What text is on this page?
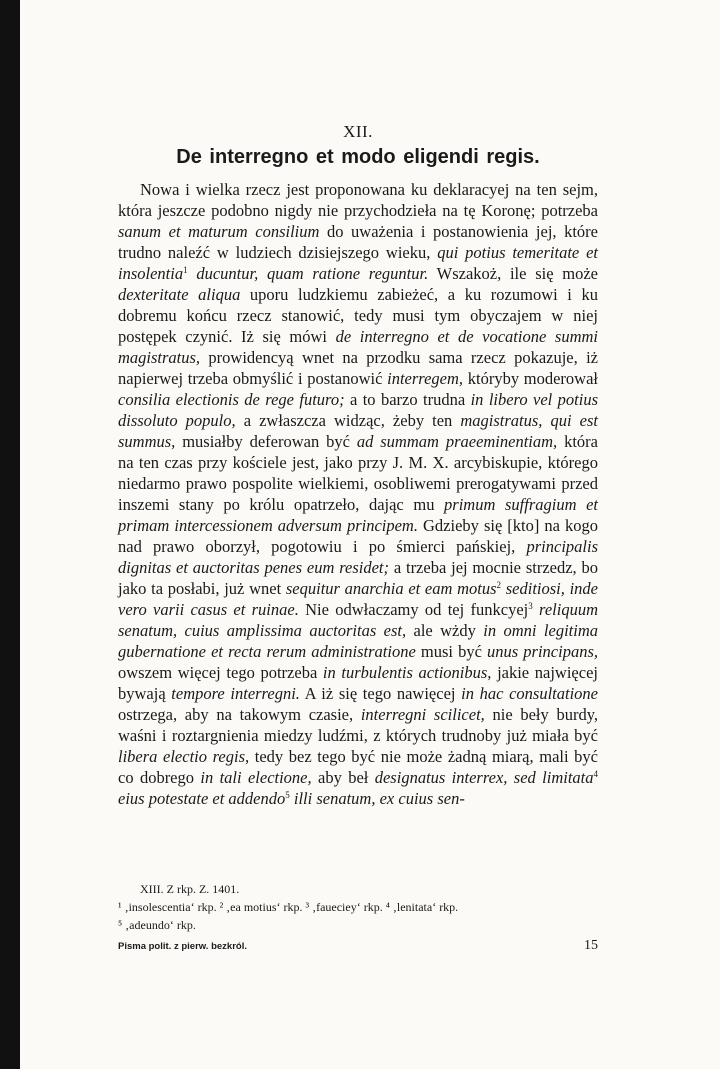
XII.
De interregno et modo eligendi regis.

Nowa i wielka rzecz jest proponowana ku deklaracyej na ten sejm, która jeszcze podobno nigdy nie przychodzieła na tę Koronę; potrzeba sanum et maturum consilium do uważenia i postanowienia jej, które trudno naleźć w ludziech dzisiejszego wieku, qui potius temeritate et insolentia$^1$ ducuntur, quam ratione reguntur. Wszakoż, ile się może dexteritate aliqua uporu ludzkiemu zabieżeć, a ku rozumowi i ku dobremu końcu rzecz stanowić, tedy musi tym obyczajem w niej postępek czynić. Iż się mówi de interregno et de vocatione summi magistratus, prowidencyą wnet na przodku sama rzecz pokazuje, iż napierwej trzeba obmyślić i postanowić interregem, któryby moderował consilia electionis de rege futuro; a to barzo trudna in libero vel potius dissoluto populo, a zwłaszcza widząc, żeby ten magistratus, qui est summus, musiałby deferowan być ad summam praeeminentiam, która na ten czas przy kościele jest, jako przy J. M. X. arcybiskupie, którego niedarmo prawo pospolite wielkiemi, osobliwemi prerogatywami przed inszemi stany po królu opatrzeło, dając mu primum suffragium et primam intercessionem adversum principem. Gdzieby się [kto] na kogo nad prawo oborzył, pogotowiu i po śmierci pańskiej, principalis dignitas et auctoritas penes eum residet; a trzeba jej mocnie strzedz, bo jako ta posłabi, już wnet sequitur anarchia et eam motus$^2$ seditiosi, inde vero varii casus et ruinae. Nie odwłaczamy od tej funkcyej$^3$ reliquum senatum, cuius amplissima auctoritas est, ale wżdy in omni legitima gubernatione et recta rerum administratione musi być unus principans, owszem więcej tego potrzeba in turbulentis actionibus, jakie najwięcej bywają tempore interregni. A iż się tego nawięcej in hac consultatione ostrzega, aby na takowym czasie, interregni scilicet, nie beły burdy, waśni i roztargnienia miedzy ludźmi, z których trudnoby już miała być libera electio regis, tedy bez tego być nie może żadną miarą, mali być co dobrego in tali electione, aby beł designatus interrex, sed limitata$^4$ eius potestate et addendo$^5$ illi senatum, ex cuius sen-

XIII. Z rkp. Z. 1401.

¹ ‚insolescentia‘ rkp. ² ‚ea motius‘ rkp. ³ ‚faueciey‘ rkp. ⁴ ‚lenitata‘ rkp.

⁵ ‚adeundo‘ rkp.

Pisma polit. z pierw. bezkról.	15
